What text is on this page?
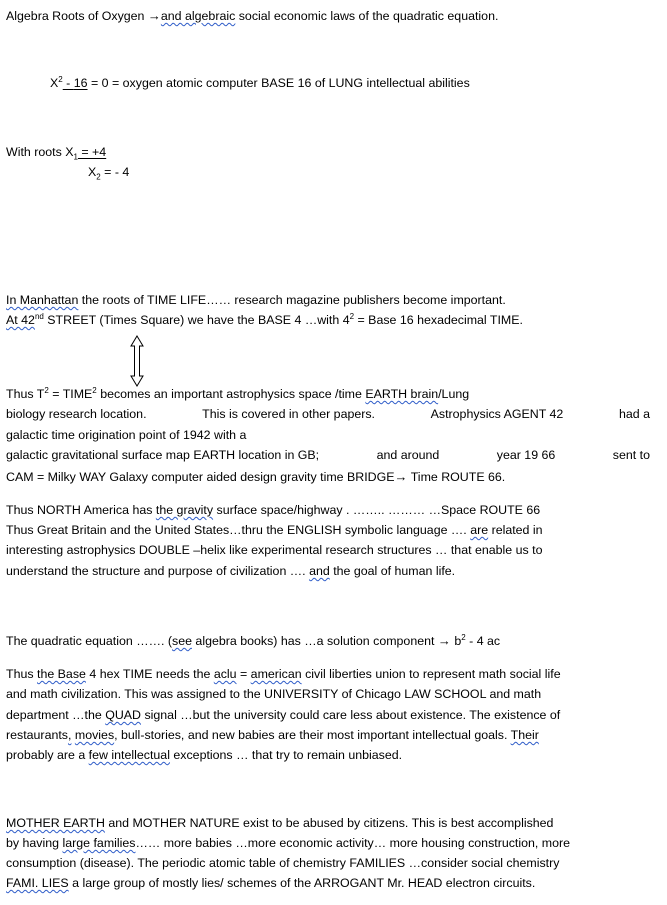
Algebra Roots of Oxygen →and algebraic social economic laws of the quadratic equation.
$X^2 - 16 = 0$ = oxygen atomic computer BASE 16 of LUNG intellectual abilities
With roots $X_1 = +4$
$X_2$ = - 4
In Manhattan the roots of TIME LIFE…… research magazine publishers become important.
At 42nd STREET (Times Square) we have the BASE 4 …with $4^2$ = Base 16 hexadecimal TIME.
Thus $T^2$ = $TIME^2$ becomes an important astrophysics space /time EARTH brain/Lung
biology research location.	This is covered in other papers.	Astrophysics AGENT 42	had a
galactic time origination point of 1942 with a
galactic gravitational surface map EARTH location in GB;	and around	year 19 66	sent to
CAM = Milky WAY Galaxy computer aided design gravity time BRIDGE→ Time ROUTE 66.
Thus NORTH America has the gravity surface space/highway . …….. ……… …Space ROUTE 66
Thus Great Britain and the United States…thru the ENGLISH symbolic language …. are related in
interesting astrophysics DOUBLE –helix like experimental research structures … that enable us to
understand the structure and purpose of civilization …. and the goal of human life.
The quadratic equation ……. (see algebra books) has …a solution component → $b^2 - 4$ ac
Thus the Base 4 hex TIME needs the aclu = american civil liberties union to represent math social life
and math civilization. This was assigned to the UNIVERSITY of Chicago LAW SCHOOL and math
department …the QUAD signal …but the university could care less about existence. The existence of
restaurants, movies, bull-stories, and new babies are their most important intellectual goals. Their
probably are a few intellectual exceptions … that try to remain unbiased.
MOTHER EARTH and MOTHER NATURE exist to be abused by citizens. This is best accomplished
by having large families…… more babies …more economic activity… more housing construction, more
consumption (disease). The periodic atomic table of chemistry FAMILIES …consider social chemistry
FAMI. LIES a large group of mostly lies/ schemes of the ARROGANT Mr. HEAD electron circuits.
